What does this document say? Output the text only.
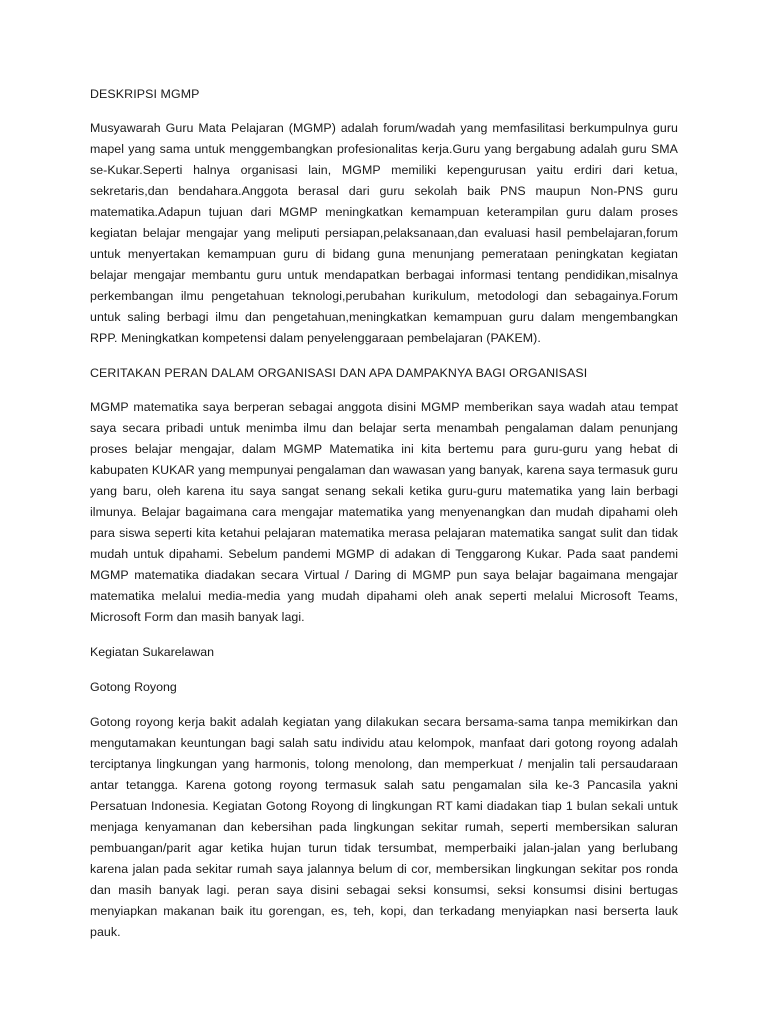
DESKRIPSI MGMP

Musyawarah Guru Mata Pelajaran (MGMP) adalah forum/wadah yang memfasilitasi berkumpulnya guru mapel yang sama untuk menggembangkan profesionalitas kerja.Guru yang bergabung adalah guru SMA se-Kukar.Seperti halnya organisasi lain, MGMP memiliki kepengurusan yaitu erdiri dari ketua, sekretaris,dan bendahara.Anggota berasal dari guru sekolah baik PNS maupun Non-PNS guru matematika.Adapun tujuan dari MGMP meningkatkan kemampuan keterampilan guru dalam proses kegiatan belajar mengajar yang meliputi persiapan,pelaksanaan,dan evaluasi hasil pembelajaran,forum untuk menyertakan kemampuan guru di bidang guna menunjang pemerataan peningkatan kegiatan belajar mengajar membantu guru untuk mendapatkan berbagai informasi tentang pendidikan,misalnya perkembangan ilmu pengetahuan teknologi,perubahan kurikulum, metodologi dan sebagainya.Forum untuk saling berbagi ilmu dan pengetahuan,meningkatkan kemampuan guru dalam mengembangkan RPP. Meningkatkan kompetensi dalam penyelenggaraan pembelajaran (PAKEM).

CERITAKAN PERAN DALAM ORGANISASI DAN APA DAMPAKNYA BAGI ORGANISASI

MGMP matematika saya berperan sebagai anggota disini MGMP memberikan saya wadah atau tempat saya secara pribadi untuk menimba ilmu dan belajar serta menambah pengalaman dalam penunjang proses belajar mengajar, dalam MGMP Matematika ini kita bertemu para guru-guru yang hebat di kabupaten KUKAR yang mempunyai pengalaman dan wawasan yang banyak, karena saya termasuk guru yang baru, oleh karena itu saya sangat senang sekali ketika guru-guru matematika yang lain berbagi ilmunya. Belajar bagaimana cara mengajar matematika yang menyenangkan dan mudah dipahami oleh para siswa seperti kita ketahui pelajaran matematika merasa pelajaran matematika sangat sulit dan tidak mudah untuk dipahami. Sebelum pandemi MGMP di adakan di Tenggarong Kukar. Pada saat pandemi MGMP matematika diadakan secara Virtual / Daring di MGMP pun saya belajar bagaimana mengajar matematika melalui media-media yang mudah dipahami oleh anak seperti melalui Microsoft Teams, Microsoft Form dan masih banyak lagi.

Kegiatan Sukarelawan
Gotong Royong

Gotong royong kerja bakit adalah kegiatan yang dilakukan secara bersama-sama tanpa memikirkan dan mengutamakan keuntungan bagi salah satu individu atau kelompok, manfaat dari gotong royong adalah terciptanya lingkungan yang harmonis, tolong menolong, dan memperkuat / menjalin tali persaudaraan antar tetangga. Karena gotong royong termasuk salah satu pengamalan sila ke-3 Pancasila yakni Persatuan Indonesia. Kegiatan Gotong Royong di lingkungan RT kami diadakan tiap 1 bulan sekali untuk menjaga kenyamanan dan kebersihan pada lingkungan sekitar rumah, seperti membersikan saluran pembuangan/parit agar ketika hujan turun tidak tersumbat, memperbaiki jalan-jalan yang berlubang karena jalan pada sekitar rumah saya jalannya belum di cor, membersikan lingkungan sekitar pos ronda dan masih banyak lagi. peran saya disini sebagai seksi konsumsi, seksi konsumsi disini bertugas menyiapkan makanan baik itu gorengan, es, teh, kopi, dan terkadang menyiapkan nasi berserta lauk pauk.
